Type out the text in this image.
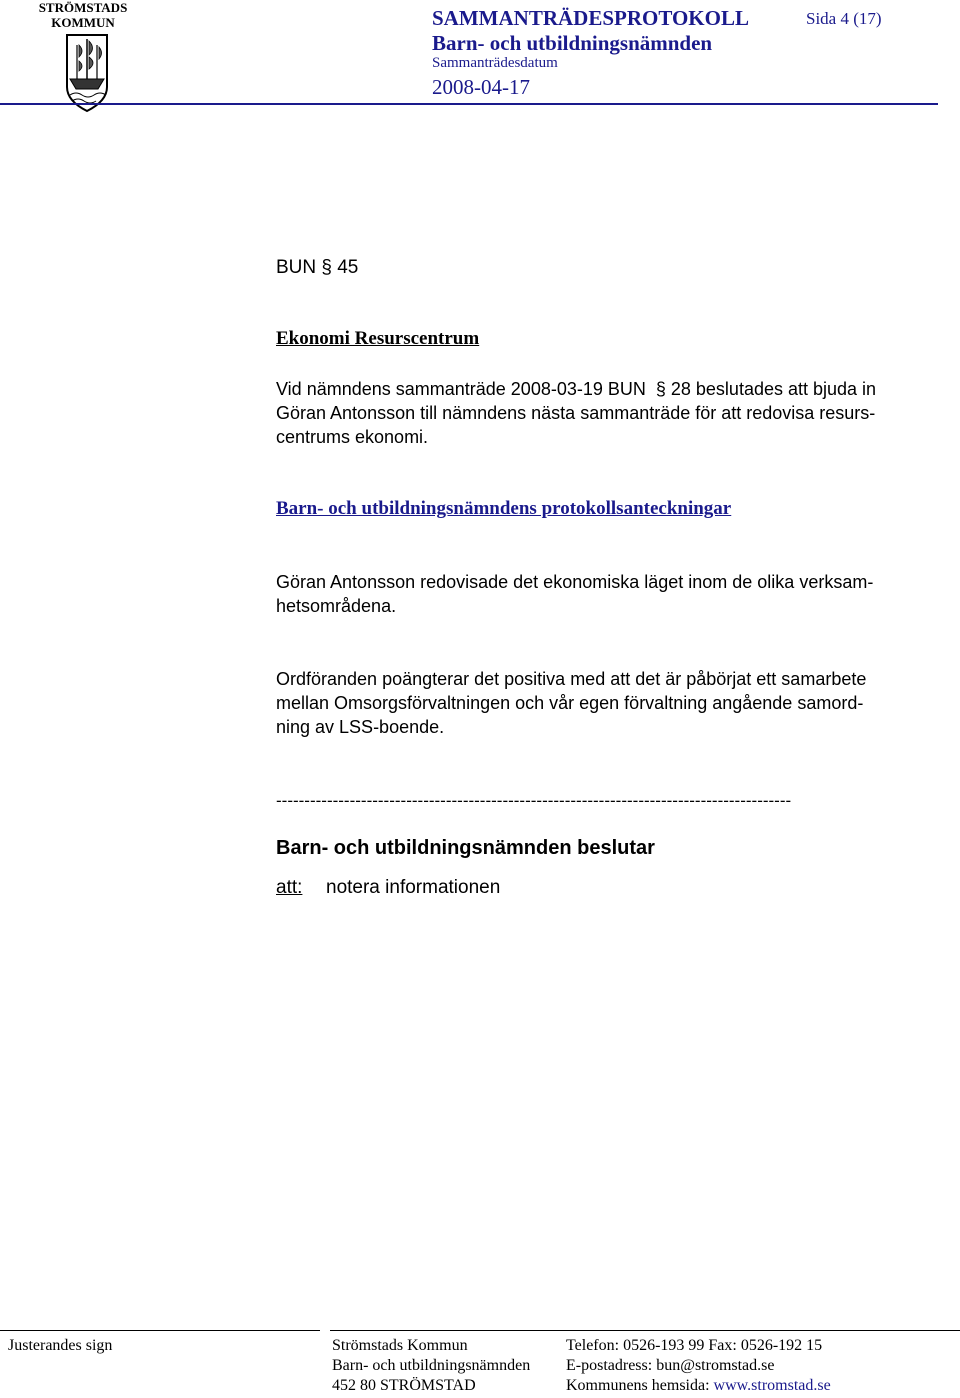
STRÖMSTADS
KOMMUN	SAMMANTRÄDESPROTOKOLL	Sida 4 (17)
Barn- och utbildningsnämnden
Sammanträdesdatum
2008-04-17
BUN § 45
Ekonomi Resurscentrum
Vid nämndens sammanträde 2008-03-19 BUN  § 28 beslutades att bjuda in
Göran Antonsson till nämndens nästa sammanträde för att redovisa resurs-
centrums ekonomi.
Barn- och utbildningsnämndens protokollsanteckningar
Göran Antonsson redovisade det ekonomiska läget inom de olika verksam-
hetsområdena.
Ordföranden poängterar det positiva med att det är påbörjat ett samarbete
mellan Omsorgsförvaltningen och vår egen förvaltning angående samord-
ning av LSS-boende.
-------------------------------------------------------------------------------------------
Barn- och utbildningsnämnden beslutar
att: notera informationen
Justerandes sign	Strömstads Kommun
Barn- och utbildningsnämnden
452 80 STRÖMSTAD
Telefon: 0526-193 99 Fax: 0526-192 15
E-postadress: bun@stromstad.se
Kommunens hemsida: www.stromstad.se
